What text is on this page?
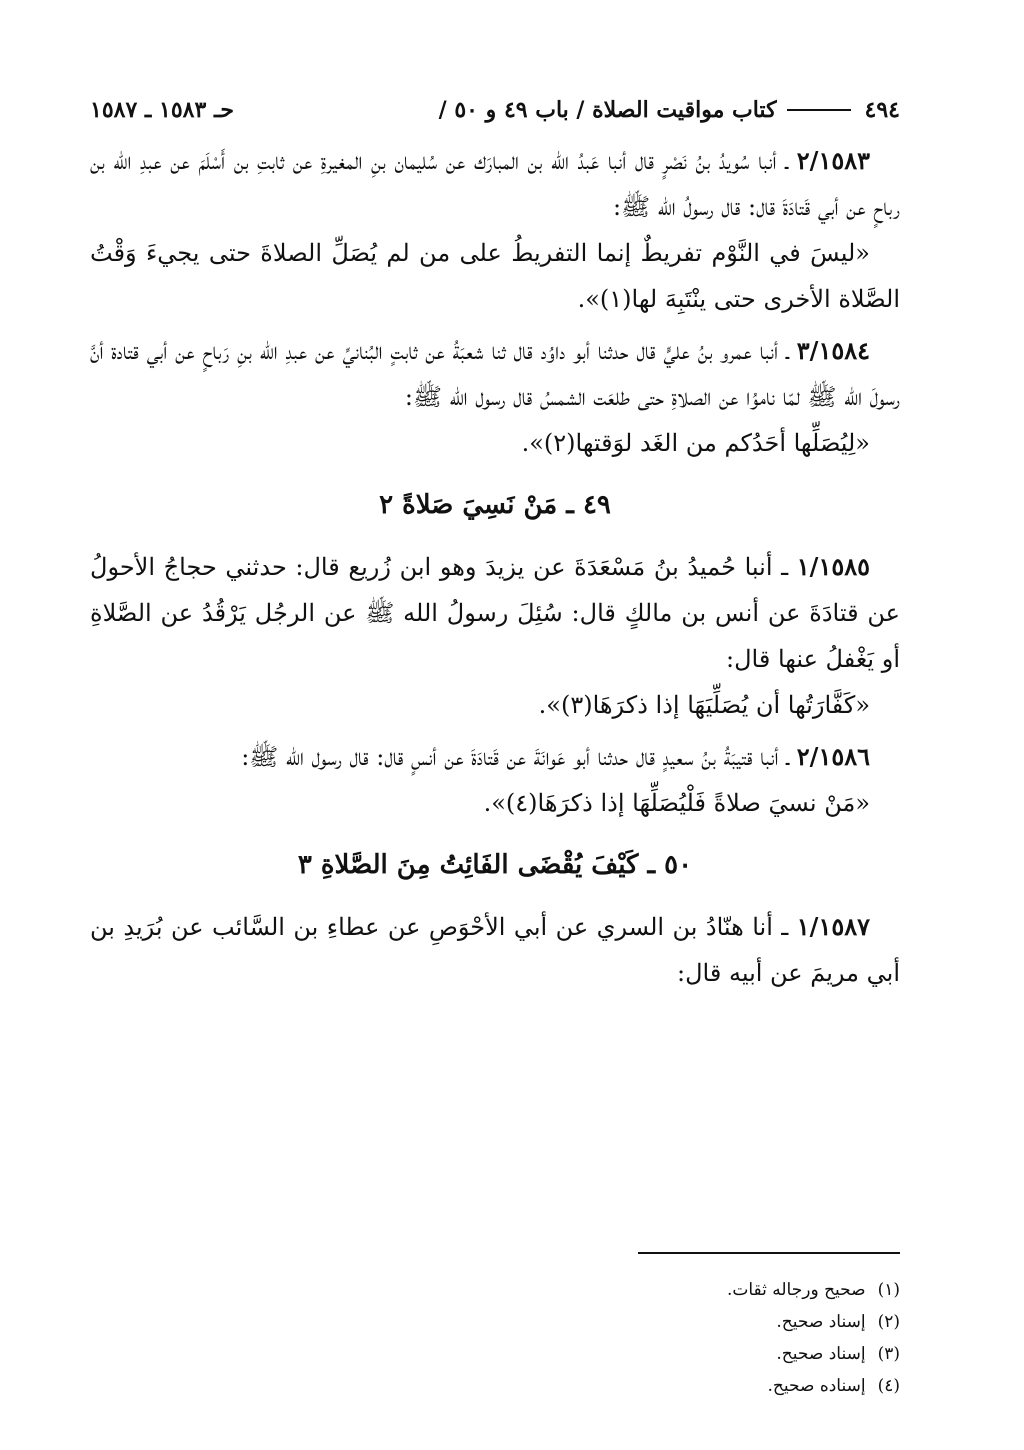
٤٩٤
كتاب مواقيت الصلاة / باب ٤٩ و ٥٠ /
حـ ١٥٨٣ ـ ١٥٨٧

٢/١٥٨٣ ـ أنبا سُويدُ بنُ نَصْرٍ قال أنبا عَبدُ الله بن المبارَك عن سُليمان بنِ المغيرةِ عن ثابتِ بن أَسْلَمَ عن عبدِ الله بن رباحٍ عن أبي قَتادَةَ قال: قال رسولُ الله ﷺ:

«ليسَ في النَّوْم تفريطٌ إنما التفريطُ على من لم يُصَلِّ الصلاةَ حتى يجيءَ وَقْتُ الصَّلاة الأخرى حتى ينْتَبِهَ لها(١)».

٣/١٥٨٤ ـ أنبا عمرو بنُ عليٍّ قال حدثنا أبو داوُد قال ثنا شعبَةُ عن ثابتٍ البُنانيِّ عن عبدِ الله بنِ رَباحٍ عن أبي قتادة أنَّ رسولَ الله ﷺ لمّا ناموُا عن الصلاةِ حتى طلعَت الشمسُ قال رسول الله ﷺ:

«لِيُصَلِّها أحَدُكم من الغَد لوَقتها(٢)».

٤٩ ـ مَنْ نَسِيَ صَلاةً ٢

١/١٥٨٥ ـ أنبا حُميدُ بنُ مَسْعَدَةَ عن يزيدَ وهو ابن زُريع قال: حدثني حجاجُ الأحولُ عن قتادَةَ عن أنس بن مالكٍ قال: سُئِلَ رسولُ الله ﷺ عن الرجُل يَرْقُدُ عن الصَّلاةِ أو يَغْفلُ عنها قال:

«كَفَّارَتُها أن يُصَلِّيَهَا إذا ذكرَهَا(٣)».

٢/١٥٨٦ ـ أنبا قتيبَةُ بنُ سعيدٍ قال حدثنا أبو عَوانَةَ عن قَتادَةَ عن أنسٍ قال: قال رسول الله ﷺ:

«مَنْ نسيَ صلاةً فَلْيُصَلِّهَا إذا ذكرَهَا(٤)».

٥٠ ـ كَيْفَ يُقْضَى الفَائِتُ مِنَ الصَّلاةِ ٣

١/١٥٨٧ ـ أنا هنّادُ بن السري عن أبي الأحْوَصِ عن عطاءِ بن السَّائب عن بُرَيدِ بن أبي مريمَ عن أبيه قال:

(١)صحيح ورجاله ثقات.
(٢)إسناد صحيح.
(٣)إسناد صحيح.
(٤)إسناده صحيح.
